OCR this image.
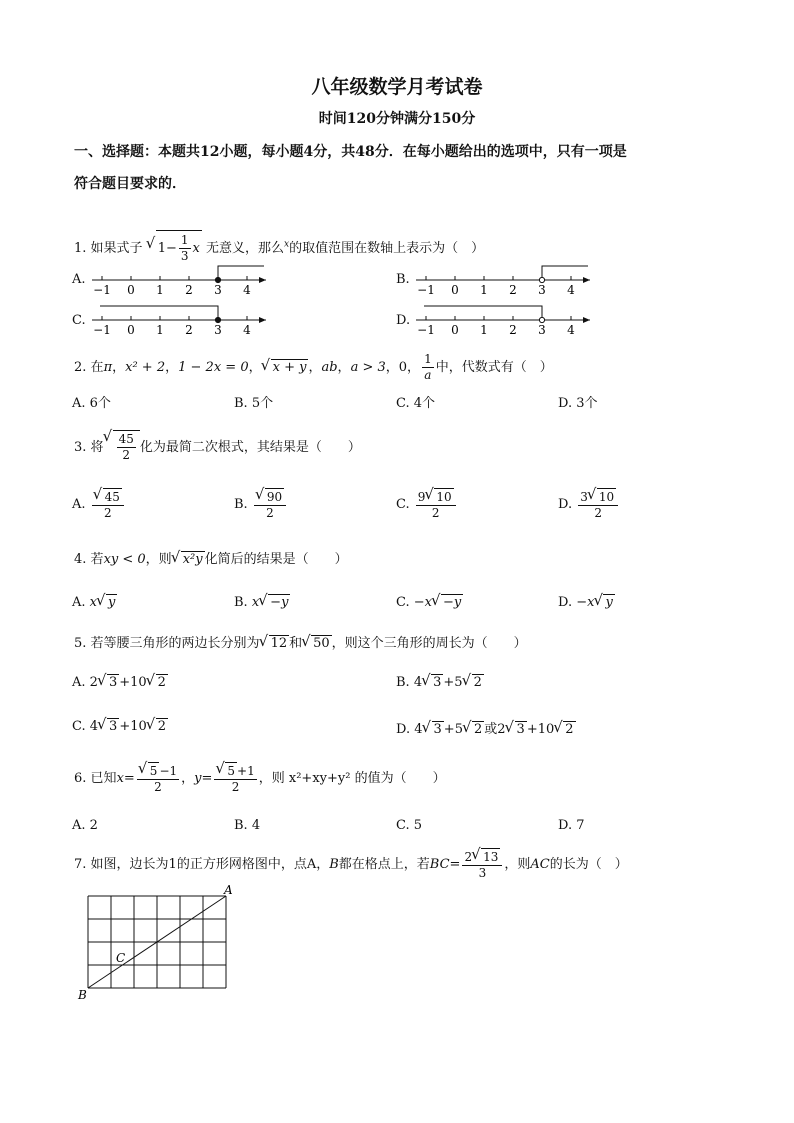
八年级数学月考试卷
时间120分钟满分150分
一、选择题：本题共12小题，每小题4分，共48分．在每小题给出的选项中，只有一项是
符合题目要求的．
1. 如果式子 √ $1- \frac{1}{3}$ x 无意义，那么$^x$的取值范围在数轴上表示为（　）
A.	B.
C.	D.
−1 0 1 2 3 4	−1 0 1 2 3 4
−1 0 1 2 3 4	−1 0 1 2 3 4
2. 在π，x² + 2，1 − 2x = 0， √ x + y ，ab，a > 3，0， $\frac{1}{a}$ 中，代数式有（　）
A. 6个	B. 5个	C. 4个	D. 3个
3. 将 √ $\frac{45}{2}$ 化为最简二次根式，其结果是（　　）
A. √ $\frac{45}{2}$	B. √ $\frac{90}{2}$	C. $\frac{9 √ 10}{2}$	D. $\frac{3 √ 10}{2}$
4. 若xy < 0，则 √ x²y 化简后的结果是（　　）
A. x √ y	B. x √ −y	C. −x √ −y	D. −x √ y
5. 若等腰三角形的两边长分别为 √ 12 和 √ 50 ，则这个三角形的周长为（　　）
A. 2 √ 3 +10 √ 2	B. 4 √ 3 +5 √ 2
C. 4 √ 3 +10 √ 2	D. 4 √ 3 +5 √ 2 或2 √ 3 +10 √ 2
6. 已知x= √ $\frac{5 -1}{2}$ ，y= √ $\frac{5 +1}{2}$ ，则 x²+xy+y² 的值为（　　）
A. 2	B. 4	C. 5	D. 7
7. 如图，边长为1的正方形网格图中，点A，B都在格点上，若$BC= \frac{2 √ 13}{3}$ ，则AC的长为（　）
A
B
C
